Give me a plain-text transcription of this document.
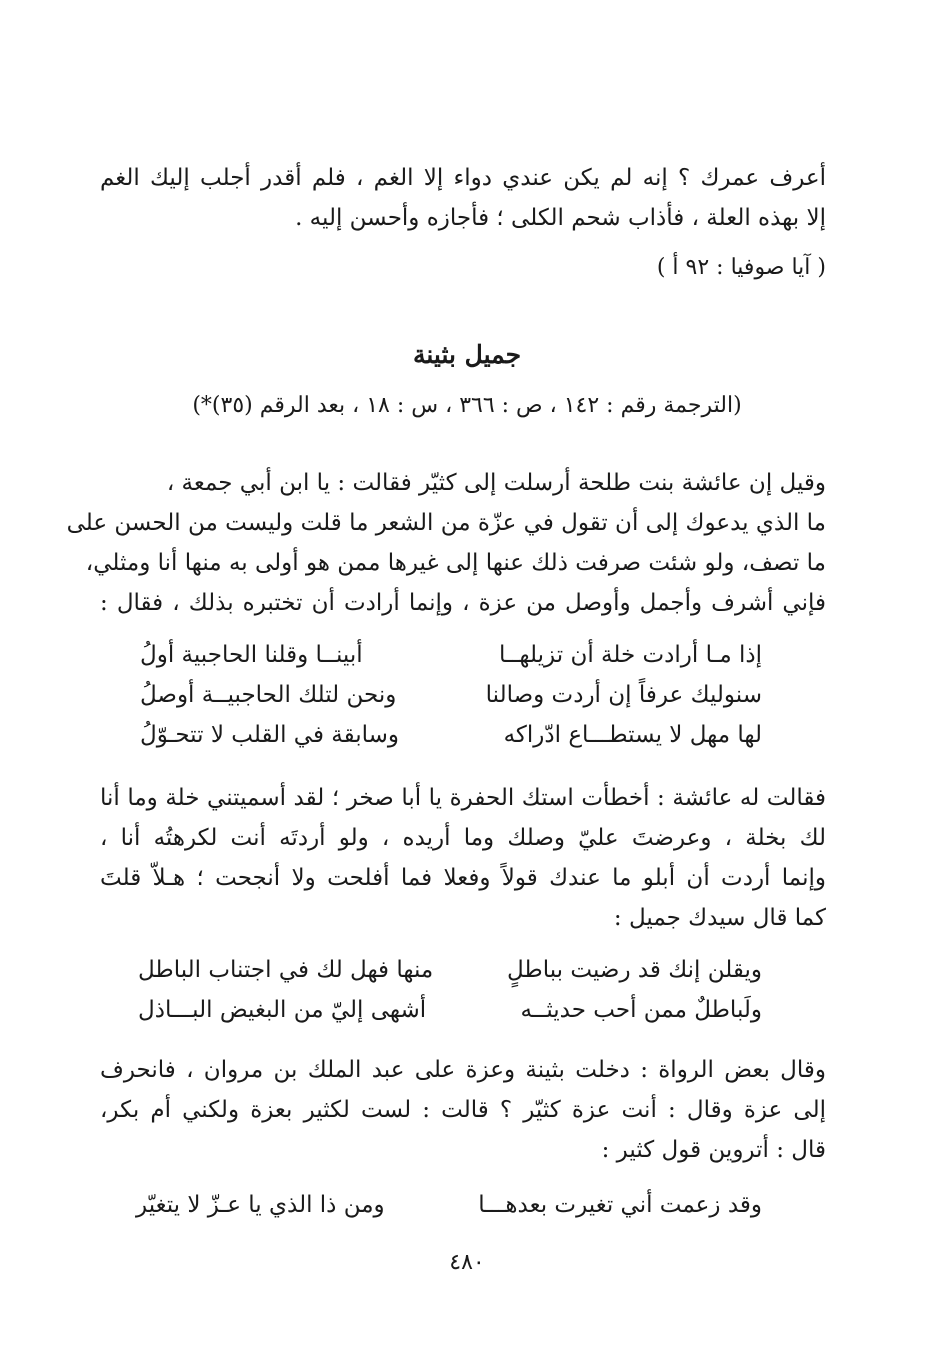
أعرف عمرك ؟ إنه لم يكن عندي دواء إلا الغم ، فلم أقدر أجلب إليك الغم
إلا بهذه العلة ، فأذاب شحم الكلى ؛ فأجازه وأحسن إليه .
( آيا صوفيا : ٩٢ أ )
جميل بثينة
(الترجمة رقم : ١٤٢ ، ص : ٣٦٦ ، س : ١٨ ، بعد الرقم (٣٥)*)
وقيل إن عائشة بنت طلحة أرسلت إلى كثيّر فقالت : يا ابن أبي جمعة ،
ما الذي يدعوك إلى أن تقول في عزّة من الشعر ما قلت وليست من الحسن على
ما تصف، ولو شئت صرفت ذلك عنها إلى غيرها ممن هو أولى به منها أنا ومثلي،
فإني أشرف وأجمل وأوصل من عزة ، وإنما أرادت أن تختبره بذلك ، فقال :
إذا مـا أرادت خلة أن تزيلهــا
أبينــا وقلنا الحاجبية أولُ
سنوليك عرفاً إن أردت وصالنا
ونحن لتلك الحاجبيــة أوصلُ
لها مهل لا يستطـــاع ادّراكه
وسابقة في القلب لا تتحـوّلُ
فقالت له عائشة : أخطأت استك الحفرة يا أبا صخر ؛ لقد أسميتني خلة وما أنا
لك بخلة ، وعرضتَ عليّ وصلك وما أريده ، ولو أردتَه أنت لكرهتُه أنا ،
وإنما أردت أن أبلو ما عندك قولاً وفعلا فما أفلحت ولا أنجحت ؛ هـلاّ قلتَ
كما قال سيدك جميل :
ويقلن إنك قد رضيت بباطلٍ
منها فهل لك في اجتناب الباطل
ولَباطلٌ ممن أحب حديثــه
أشهى إليّ من البغيض البـــاذل
وقال بعض الرواة : دخلت بثينة وعزة على عبد الملك بن مروان ، فانحرف
إلى عزة وقال : أنت عزة كثيّر ؟ قالت : لست لكثير بعزة ولكني أم بكر،
قال : أتروين قول كثير :
وقد زعمت أني تغيرت بعدهـــا
ومن ذا الذي يا عـزّ لا يتغيّر
٤٨٠
